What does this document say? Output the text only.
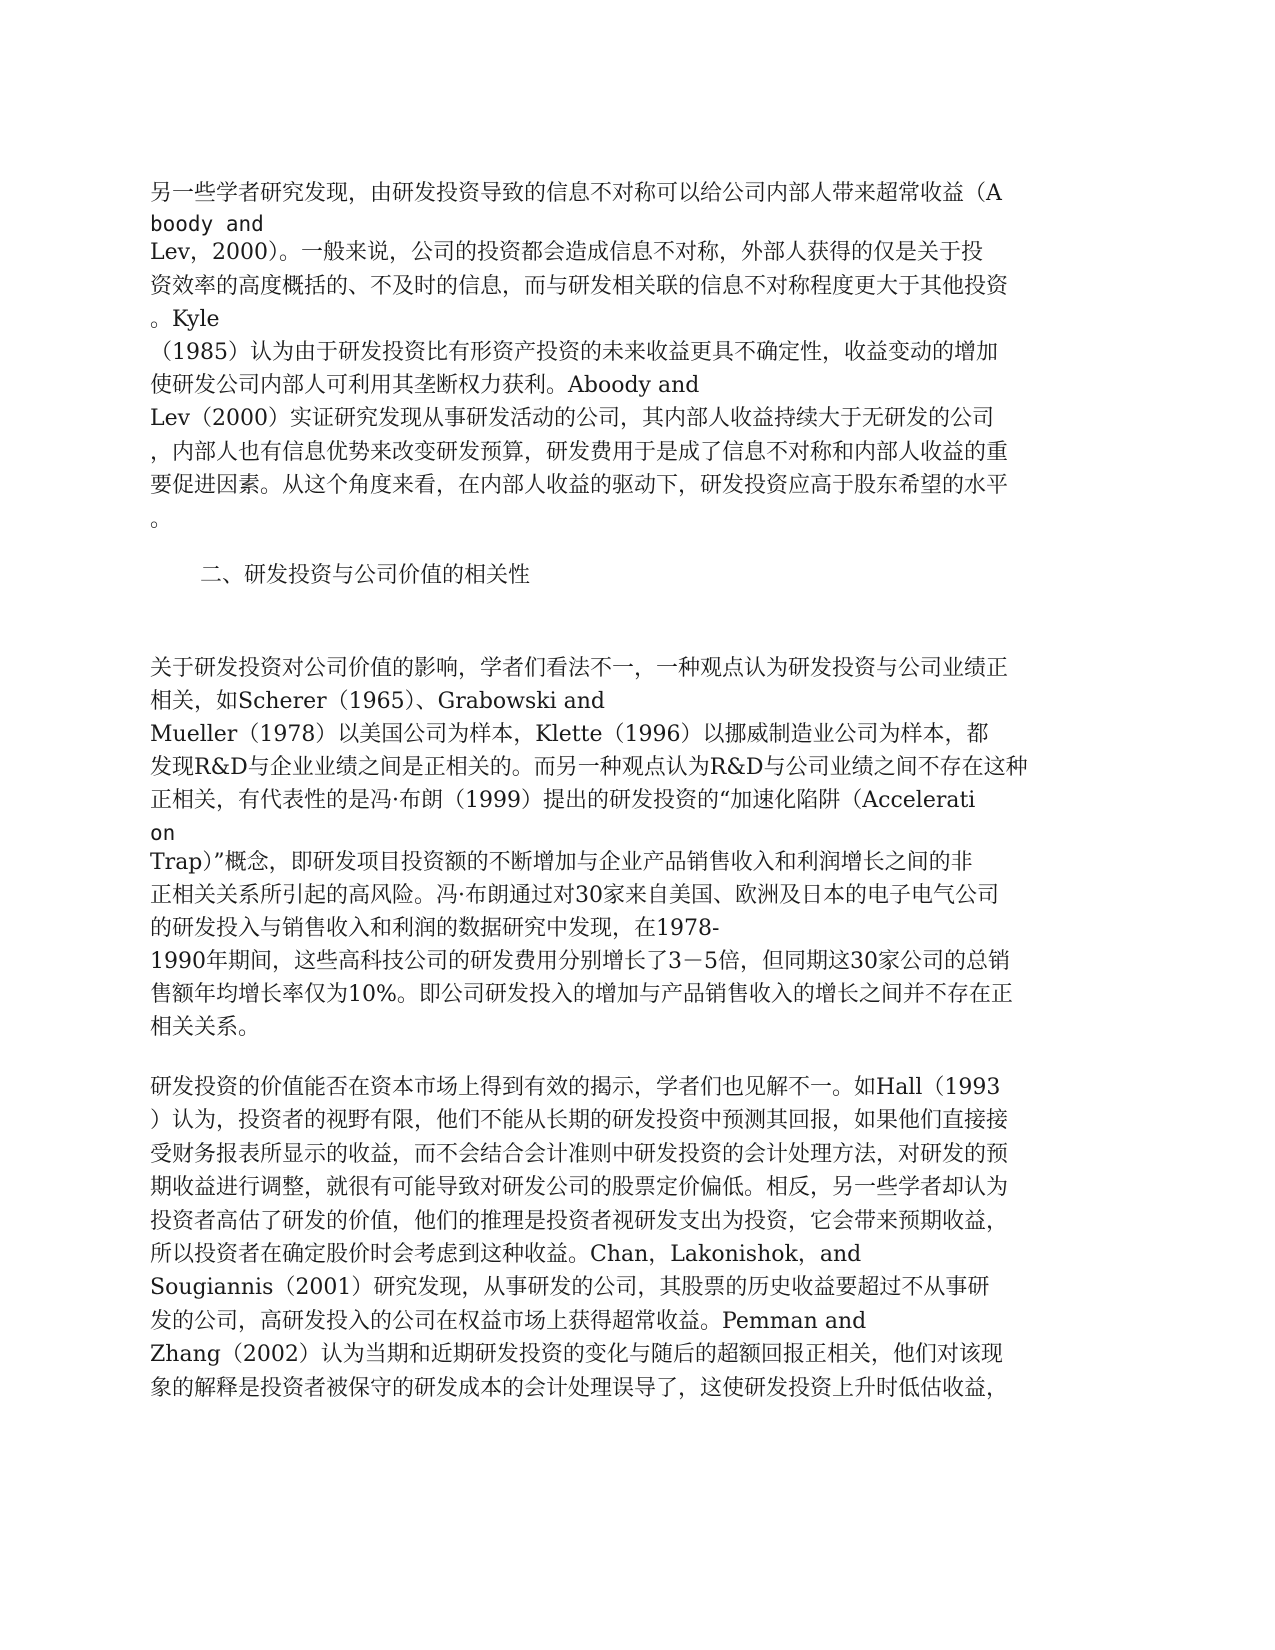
另一些学者研究发现，由研发投资导致的信息不对称可以给公司内部人带来超常收益（A
boody and
Lev，2000）。一般来说，公司的投资都会造成信息不对称，外部人获得的仅是关于投
资效率的高度概括的、不及时的信息，而与研发相关联的信息不对称程度更大于其他投资
。Kyle
（1985）认为由于研发投资比有形资产投资的未来收益更具不确定性，收益变动的增加
使研发公司内部人可利用其垄断权力获利。Aboody and
Lev（2000）实证研究发现从事研发活动的公司，其内部人收益持续大于无研发的公司
，内部人也有信息优势来改变研发预算，研发费用于是成了信息不对称和内部人收益的重
要促进因素。从这个角度来看，在内部人收益的驱动下，研发投资应高于股东希望的水平
。
二、研发投资与公司价值的相关性
关于研发投资对公司价值的影响，学者们看法不一，一种观点认为研发投资与公司业绩正
相关，如Scherer（1965）、Grabowski and
Mueller（1978）以美国公司为样本，Klette（1996）以挪威制造业公司为样本，都
发现R&D与企业业绩之间是正相关的。而另一种观点认为R&D与公司业绩之间不存在这种
正相关，有代表性的是冯·布朗（1999）提出的研发投资的“加速化陷阱（Accelerati
on
Trap）”概念，即研发项目投资额的不断增加与企业产品销售收入和利润增长之间的非
正相关关系所引起的高风险。冯·布朗通过对30家来自美国、欧洲及日本的电子电气公司
的研发投入与销售收入和利润的数据研究中发现，在1978-
1990年期间，这些高科技公司的研发费用分别增长了3－5倍，但同期这30家公司的总销
售额年均增长率仅为10%。即公司研发投入的增加与产品销售收入的增长之间并不存在正
相关关系。
研发投资的价值能否在资本市场上得到有效的揭示，学者们也见解不一。如Hall（1993
）认为，投资者的视野有限，他们不能从长期的研发投资中预测其回报，如果他们直接接
受财务报表所显示的收益，而不会结合会计准则中研发投资的会计处理方法，对研发的预
期收益进行调整，就很有可能导致对研发公司的股票定价偏低。相反，另一些学者却认为
投资者高估了研发的价值，他们的推理是投资者视研发支出为投资，它会带来预期收益，
所以投资者在确定股价时会考虑到这种收益。Chan，Lakonishok，and
Sougiannis（2001）研究发现，从事研发的公司，其股票的历史收益要超过不从事研
发的公司，高研发投入的公司在权益市场上获得超常收益。Pemman and
Zhang（2002）认为当期和近期研发投资的变化与随后的超额回报正相关，他们对该现
象的解释是投资者被保守的研发成本的会计处理误导了，这使研发投资上升时低估收益，
